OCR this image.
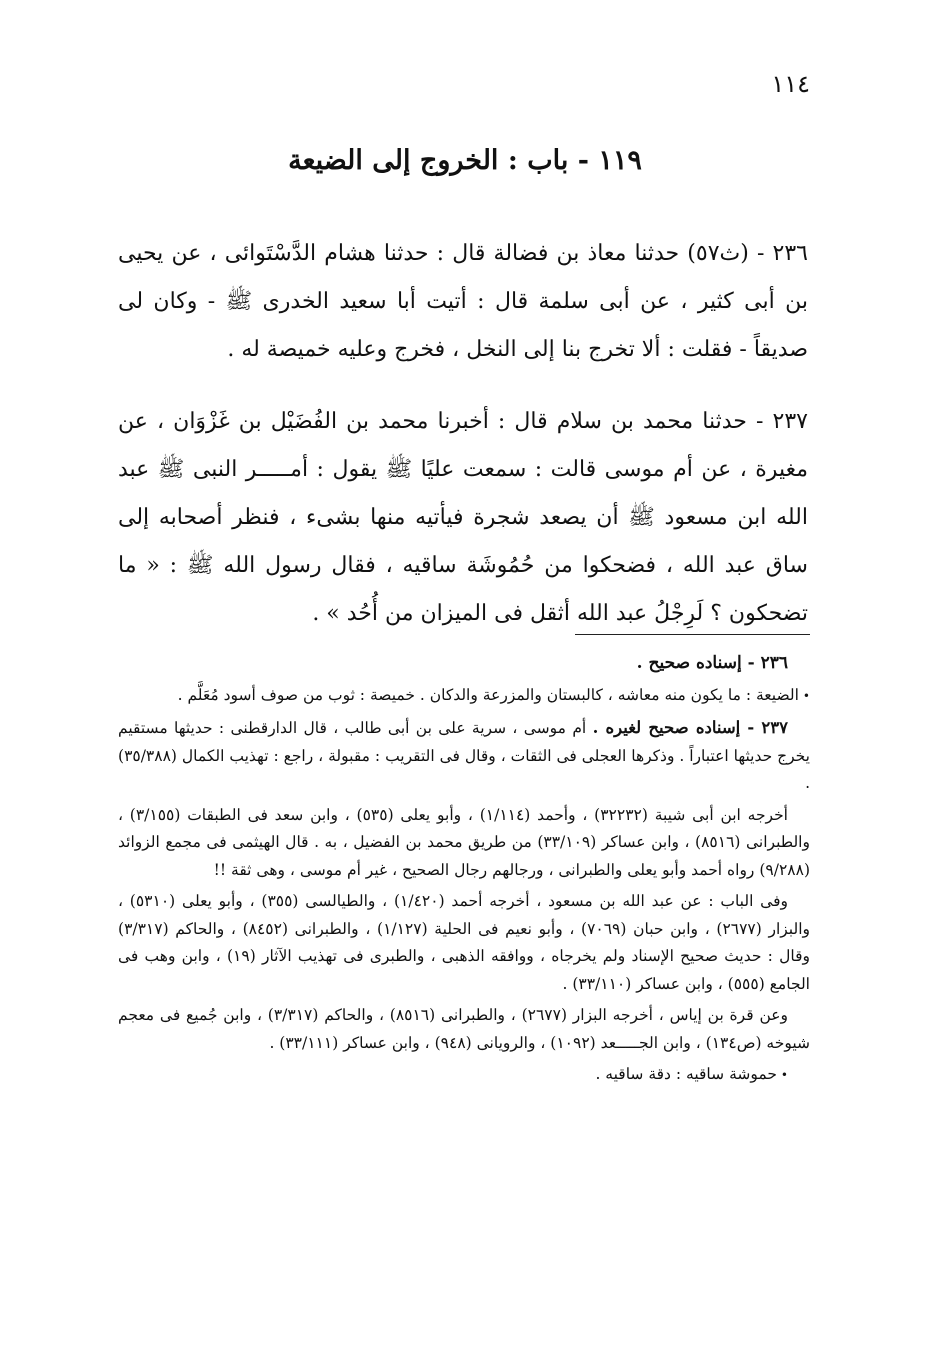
١١٤
١١٩ - باب : الخروج إلى الضيعة
٢٣٦ - (ث٥٧) حدثنا معاذ بن فضالة قال : حدثنا هشام الدَّسْتَوائى ، عن يحيى بن أبى كثير ، عن أبى سلمة قال : أتيت أبا سعيد الخدرى ﷺ - وكان لى صديقاً - فقلت : ألا تخرج بنا إلى النخل ، فخرج وعليه خميصة له .
٢٣٧ - حدثنا محمد بن سلام قال : أخبرنا محمد بن الفُضَيْل بن غَزْوَان ، عن مغيرة ، عن أم موسى قالت : سمعت عليًا ﷺ يقول : أمـــــر النبى ﷺ عبد الله ابن مسعود ﷺ أن يصعد شجرة فيأتيه منها بشىء ، فنظر أصحابه إلى ساق عبد الله ، فضحكوا من حُمُوشَة ساقيه ، فقال رسول الله ﷺ : « ما تضحكون ؟ لَرِجْلُ عبد الله أثقل فى الميزان من أُحُد » .
٢٣٦ - إسناده صحيح .
•الضيعة : ما يكون منه معاشه ، كالبستان والمزرعة والدكان . خميصة : ثوب من صوف أسود مُعَلَّم .
٢٣٧ - إسناده صحيح لغيره . أم موسى ، سرية على بن أبى طالب ، قال الدارقطنى : حديثها مستقيم يخرج حديثها اعتباراً . وذكرها العجلى فى الثقات ، وقال فى التقريب : مقبولة ، راجع : تهذيب الكمال (٣٥/٣٨٨) .
أخرجه ابن أبى شيبة (٣٢٢٣٢) ، وأحمد (١/١١٤) ، وأبو يعلى (٥٣٥) ، وابن سعد فى الطبقات (٣/١٥٥) ، والطبرانى (٨٥١٦) ، وابن عساكر (٣٣/١٠٩) من طريق محمد بن الفضيل ، به . قال الهيثمى فى مجمع الزوائد (٩/٢٨٨) رواه أحمد وأبو يعلى والطبرانى ، ورجالهم رجال الصحيح ، غير أم موسى ، وهى ثقة !!
وفى الباب : عن عبد الله بن مسعود ، أخرجه أحمد (١/٤٢٠) ، والطيالسى (٣٥٥) ، وأبو يعلى (٥٣١٠) ، والبزار (٢٦٧٧) ، وابن حبان (٧٠٦٩) ، وأبو نعيم فى الحلية (١/١٢٧) ، والطبرانى (٨٤٥٢) ، والحاكم (٣/٣١٧) وقال : حديث صحيح الإسناد ولم يخرجاه ، ووافقه الذهبى ، والطبرى فى تهذيب الآثار (١٩) ، وابن وهب فى الجامع (٥٥٥) ، وابن عساكر (٣٣/١١٠) .
وعن قرة بن إياس ، أخرجه البزار (٢٦٧٧) ، والطبرانى (٨٥١٦) ، والحاكم (٣/٣١٧) ، وابن جُميع فى معجم شيوخه (ص١٣٤) ، وابن الجـــــعد (١٠٩٢) ، والرويانى (٩٤٨) ، وابن عساكر (٣٣/١١١) .
•حموشة ساقيه : دقة ساقيه .
